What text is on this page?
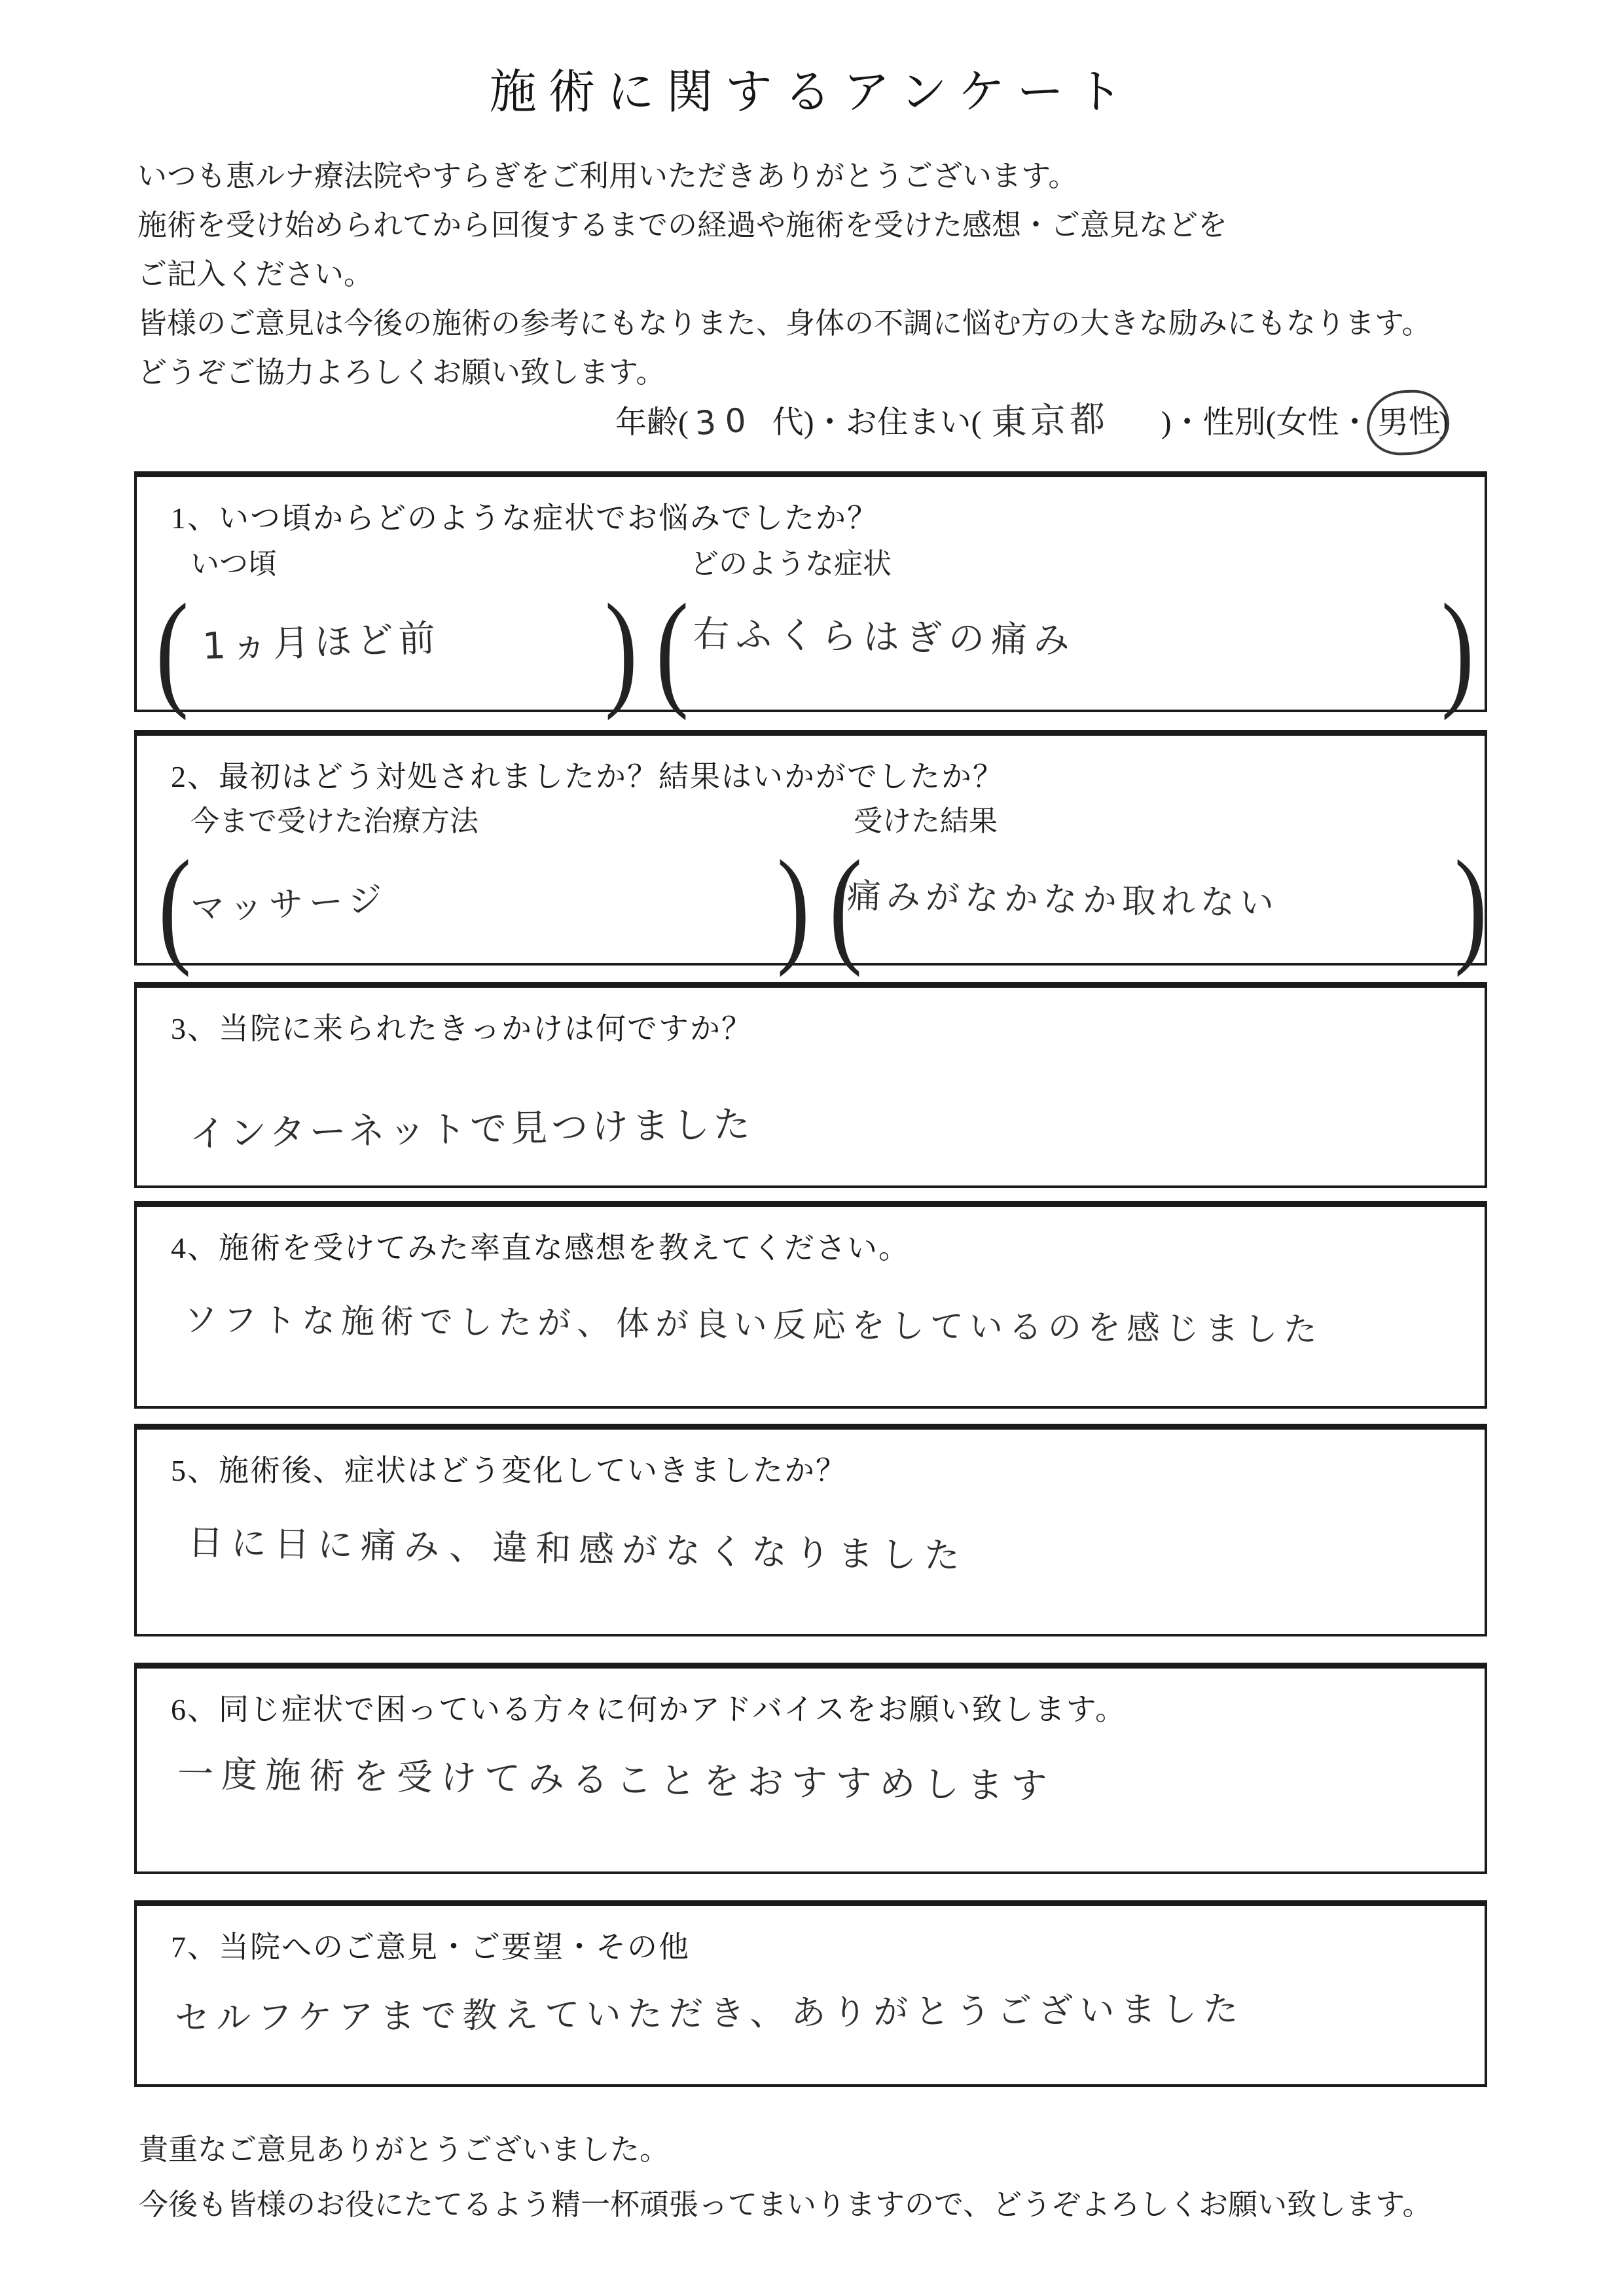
施術に関するアンケート
いつも恵ルナ療法院やすらぎをご利用いただきありがとうございます。
施術を受け始められてから回復するまでの経過や施術を受けた感想・ご意見などを
ご記入ください。
皆様のご意見は今後の施術の参考にもなりまた、身体の不調に悩む方の大きな励みにもなります。
どうぞご協力よろしくお願い致します。
年齢( 30 代)・お住まい( 東京都 )・性別(女性・ 男性)
1、いつ頃からどのような症状でお悩みでしたか？
いつ頃	どのような症状
(	) (	)
1ヵ月ほど前	右ふくらはぎの痛み
2、最初はどう対処されましたか？結果はいかがでしたか？
今まで受けた治療方法	受けた結果
(	) (	)
マッサージ	痛みがなかなか取れない
3、当院に来られたきっかけは何ですか？
インターネットで見つけました
4、施術を受けてみた率直な感想を教えてください。
ソフトな施術でしたが、体が良い反応をしているのを感じました
5、施術後、症状はどう変化していきましたか？
日に日に痛み、違和感がなくなりました
6、同じ症状で困っている方々に何かアドバイスをお願い致します。
一度施術を受けてみることをおすすめします
7、当院へのご意見・ご要望・その他
セルフケアまで教えていただき、ありがとうございました
貴重なご意見ありがとうございました。
今後も皆様のお役にたてるよう精一杯頑張ってまいりますので、どうぞよろしくお願い致します。
